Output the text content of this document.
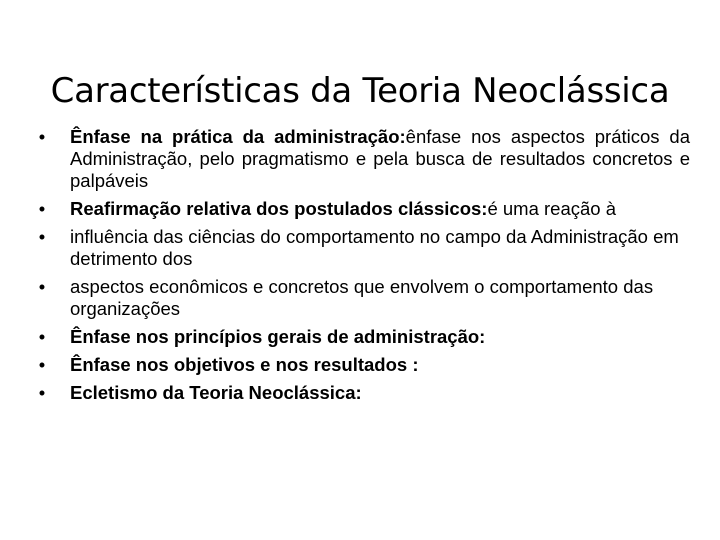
Características da Teoria Neoclássica
•	Ênfase na prática da administração:ênfase nos aspectos práticos da Administração, pelo pragmatismo e pela busca de resultados concretos e palpáveis
•	Reafirmação relativa dos postulados clássicos:é uma reação à
•	influência das ciências do comportamento no campo da Administração em detrimento dos
•	aspectos econômicos e concretos que envolvem o comportamento das organizações
•	Ênfase nos princípios gerais de administração:
•	Ênfase nos objetivos e nos resultados :
•	Ecletismo da Teoria Neoclássica:
